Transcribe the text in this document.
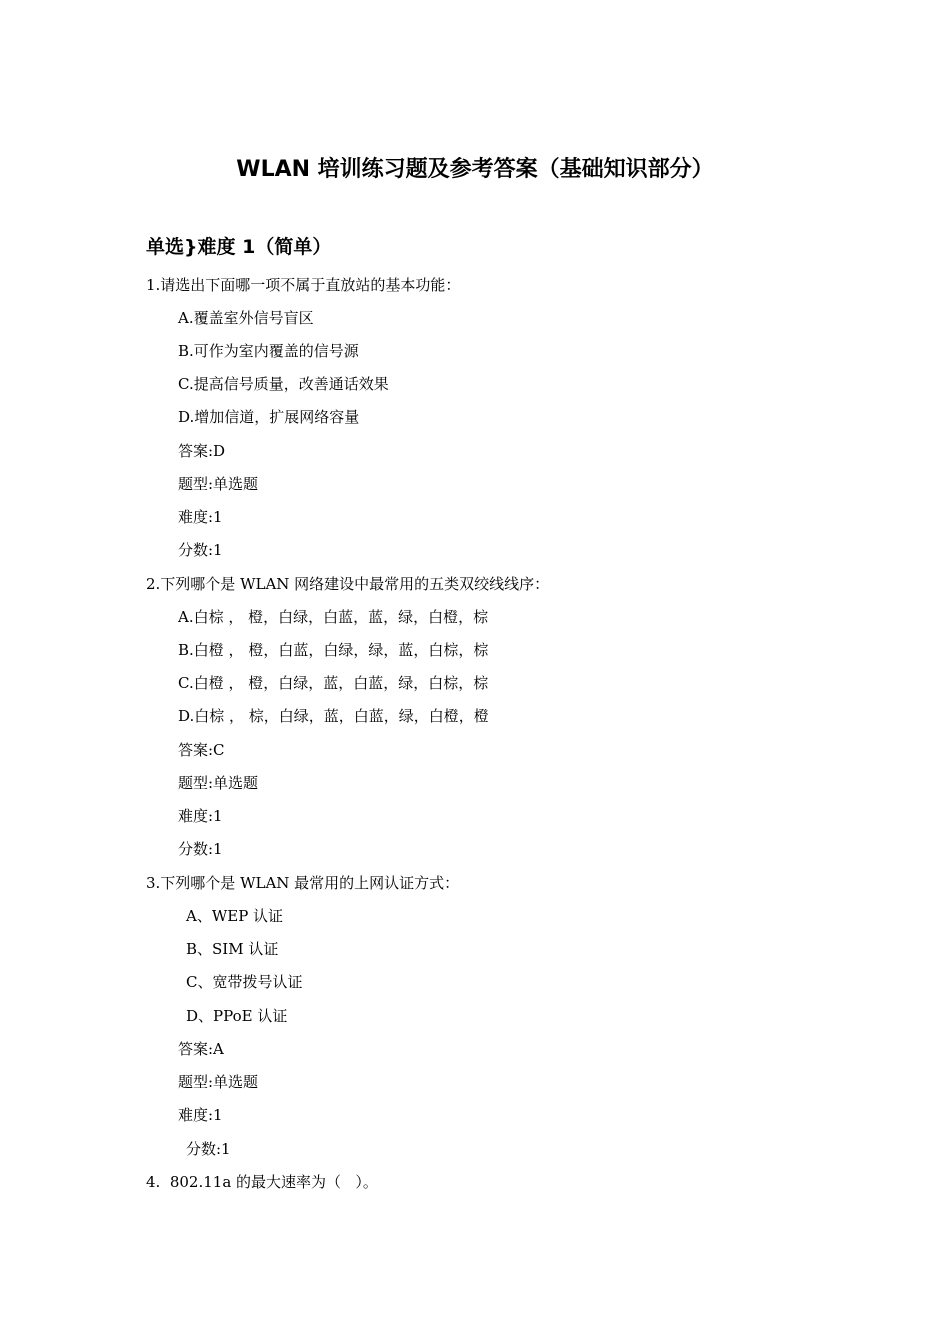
WLAN 培训练习题及参考答案（基础知识部分）
单选}难度 1（简单）
1.请选出下面哪一项不属于直放站的基本功能：
A.覆盖室外信号盲区
B.可作为室内覆盖的信号源
C.提高信号质量，改善通话效果
D.增加信道，扩展网络容量
答案:D
题型:单选题
难度:1
分数:1
2.下列哪个是 WLAN 网络建设中最常用的五类双绞线线序：
A.白棕 ， 橙，白绿，白蓝，蓝，绿，白橙，棕
B.白橙 ， 橙，白蓝，白绿，绿，蓝，白棕，棕
C.白橙 ， 橙，白绿，蓝，白蓝，绿，白棕，棕
D.白棕 ， 棕，白绿，蓝，白蓝，绿，白橙，橙
答案:C
题型:单选题
难度:1
分数:1
3.下列哪个是 WLAN 最常用的上网认证方式：
A、WEP 认证
B、SIM 认证
C、宽带拨号认证
D、PPoE 认证
答案:A
题型:单选题
难度:1
分数:1
4.  802.11a 的最大速率为（   ）。
